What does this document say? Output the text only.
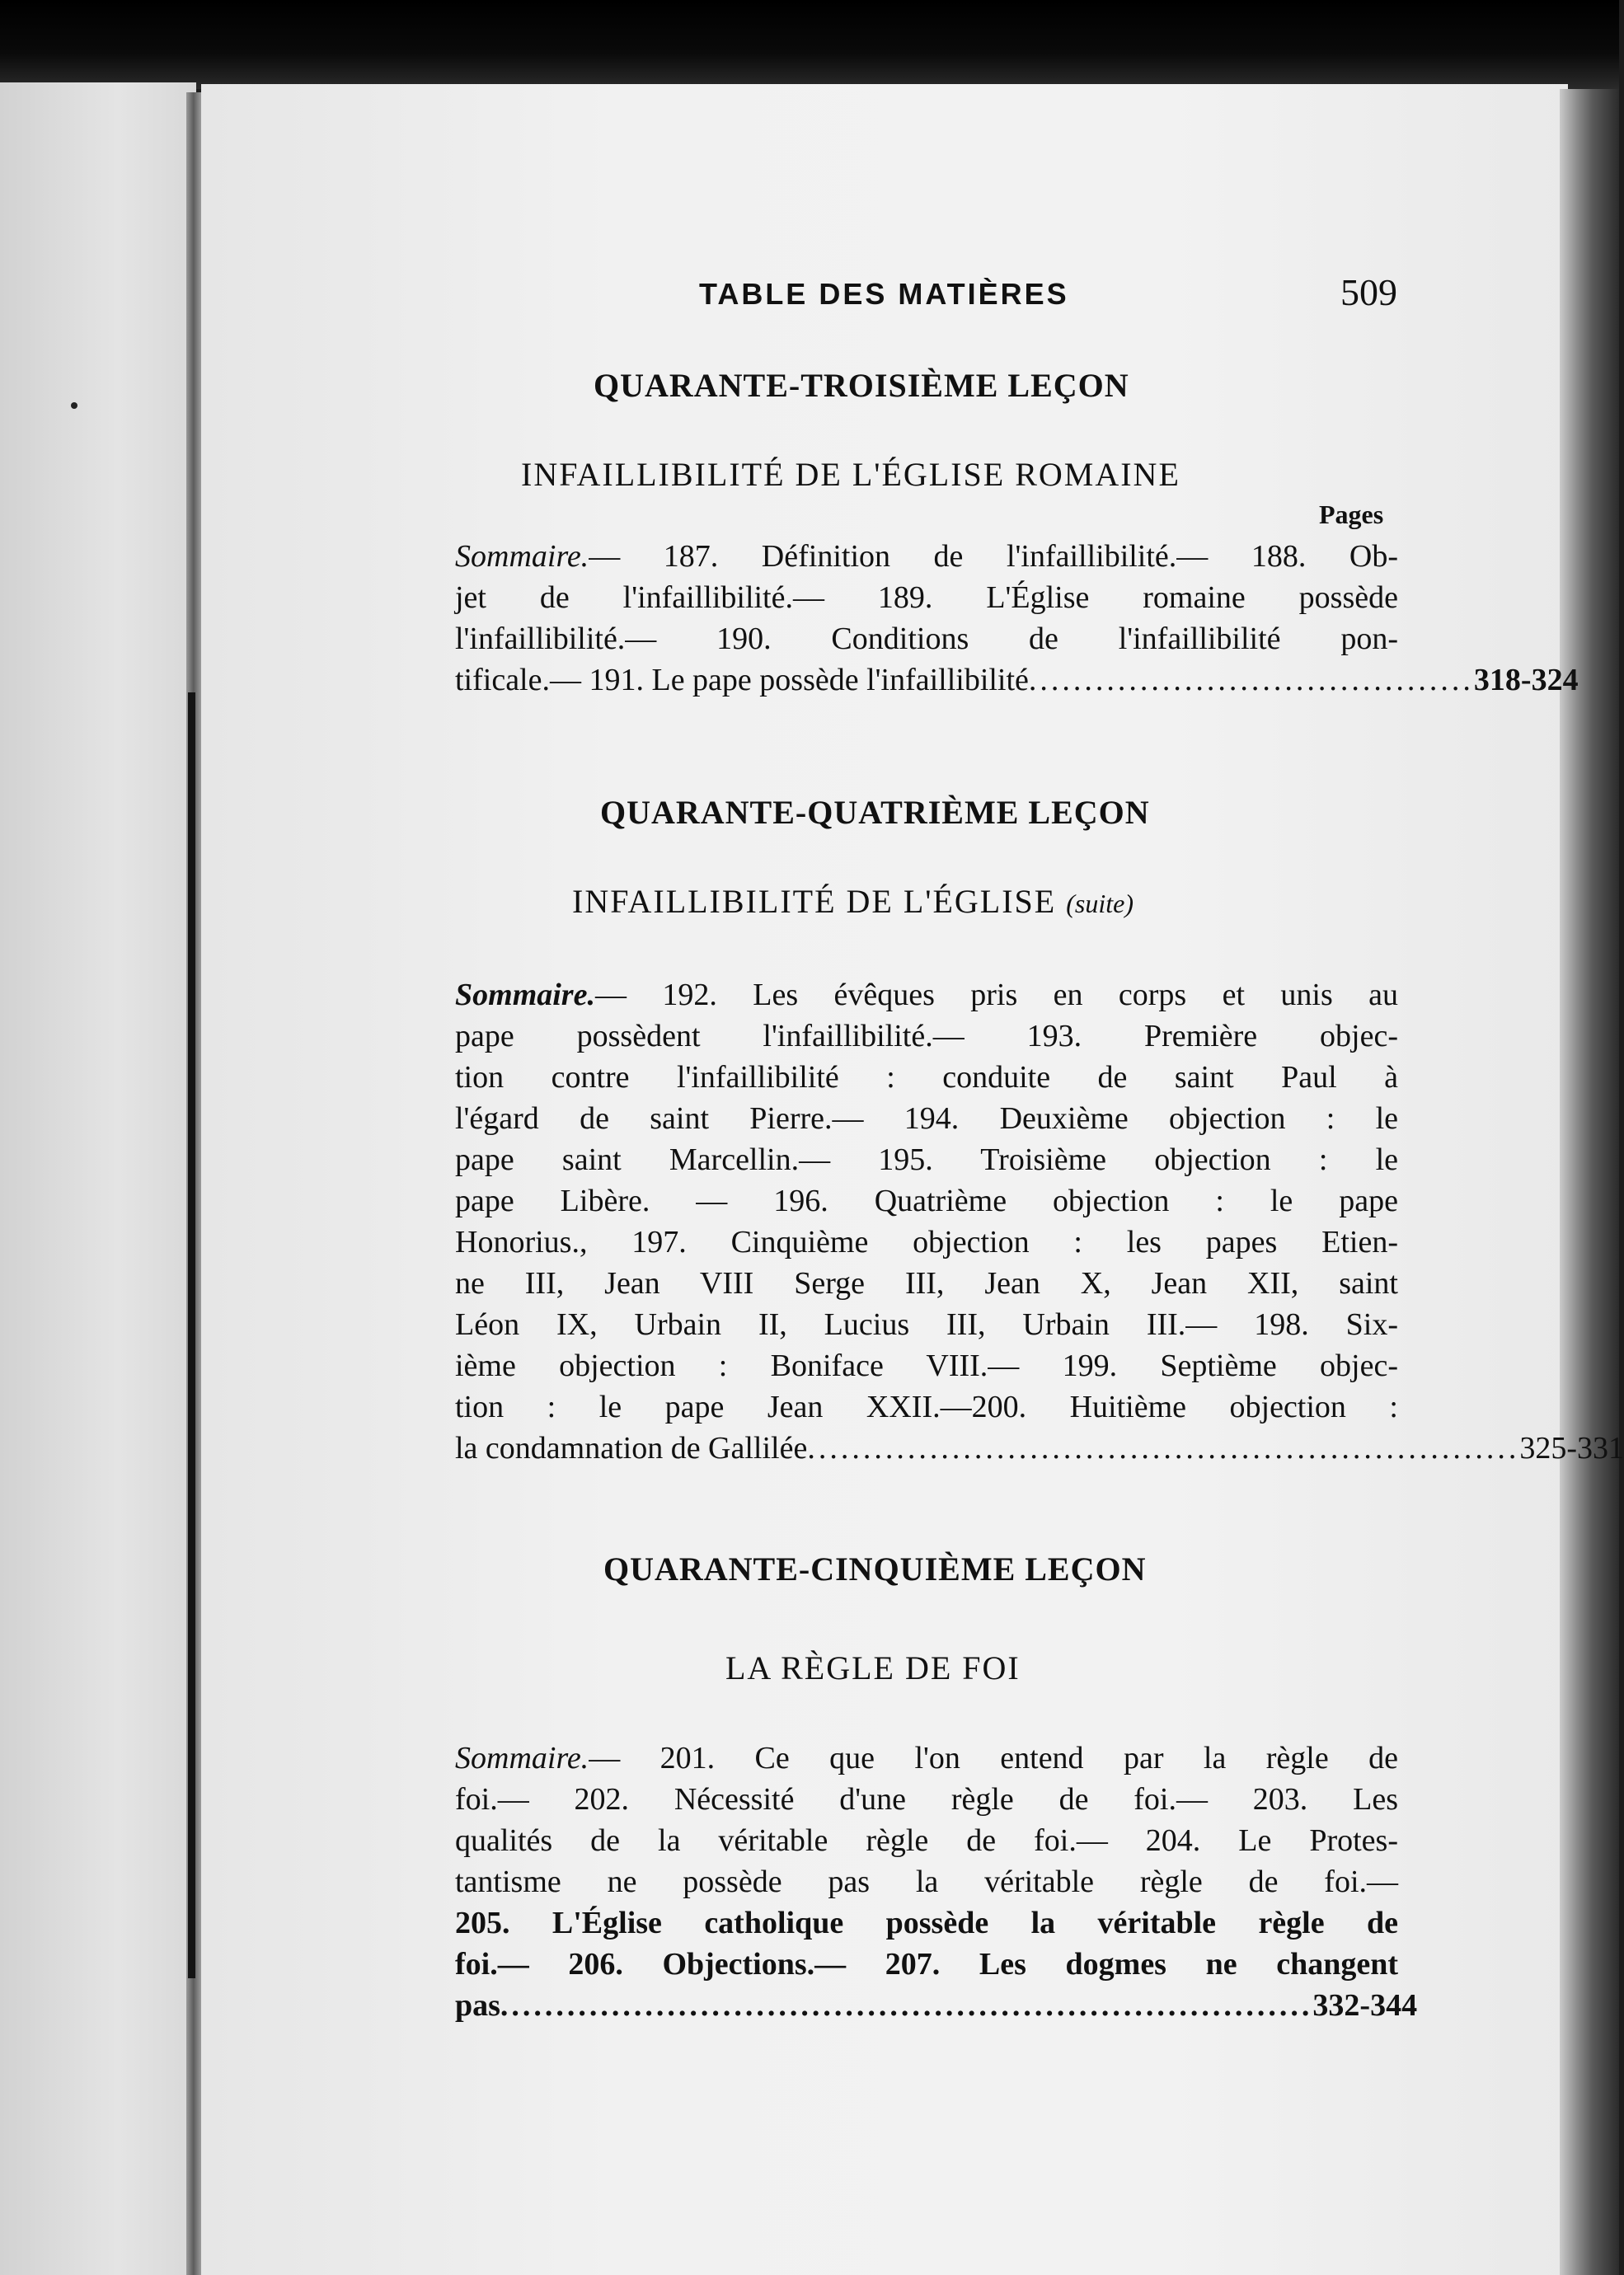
TABLE DES MATIÈRES	509
QUARANTE-TROISIÈME LEÇON
INFAILLIBILITÉ DE L'ÉGLISE ROMAINE
Pages
Sommaire.— 187. Définition de l'infaillibilité.— 188. Ob-
jet de l'infaillibilité.— 189. L'Église romaine possède
l'infaillibilité.— 190. Conditions de l'infaillibilité pon-
tificale.— 191. Le pape possède l'infaillibilité ........................................ 318-324
QUARANTE-QUATRIÈME LEÇON
INFAILLIBILITÉ DE L'ÉGLISE (suite)
Sommaire.— 192. Les évêques pris en corps et unis au
pape possèdent l'infaillibilité.— 193. Première objec-
tion contre l'infaillibilité : conduite de saint Paul à
l'égard de saint Pierre.— 194. Deuxième objection : le
pape saint Marcellin.— 195. Troisième objection : le
pape Libère. — 196. Quatrième objection : le pape
Honorius., 197. Cinquième objection : les papes Etien-
ne III, Jean VIII Serge III, Jean X, Jean XII, saint
Léon IX, Urbain II, Lucius III, Urbain III.— 198. Six-
ième objection : Boniface VIII.— 199. Septième objec-
tion : le pape Jean XXII.—200. Huitième objection :
la condamnation de Gallilée ................................................................ 325-331
QUARANTE-CINQUIÈME LEÇON
LA RÈGLE DE FOI
Sommaire.— 201. Ce que l'on entend par la règle de
foi.— 202. Nécessité d'une règle de foi.— 203. Les
qualités de la véritable règle de foi.— 204. Le Protes-
tantisme ne possède pas la véritable règle de foi.—
205. L'Église catholique possède la véritable règle de
foi.— 206. Objections.— 207. Les dogmes ne changent
pas ......................................................................... 332-344
